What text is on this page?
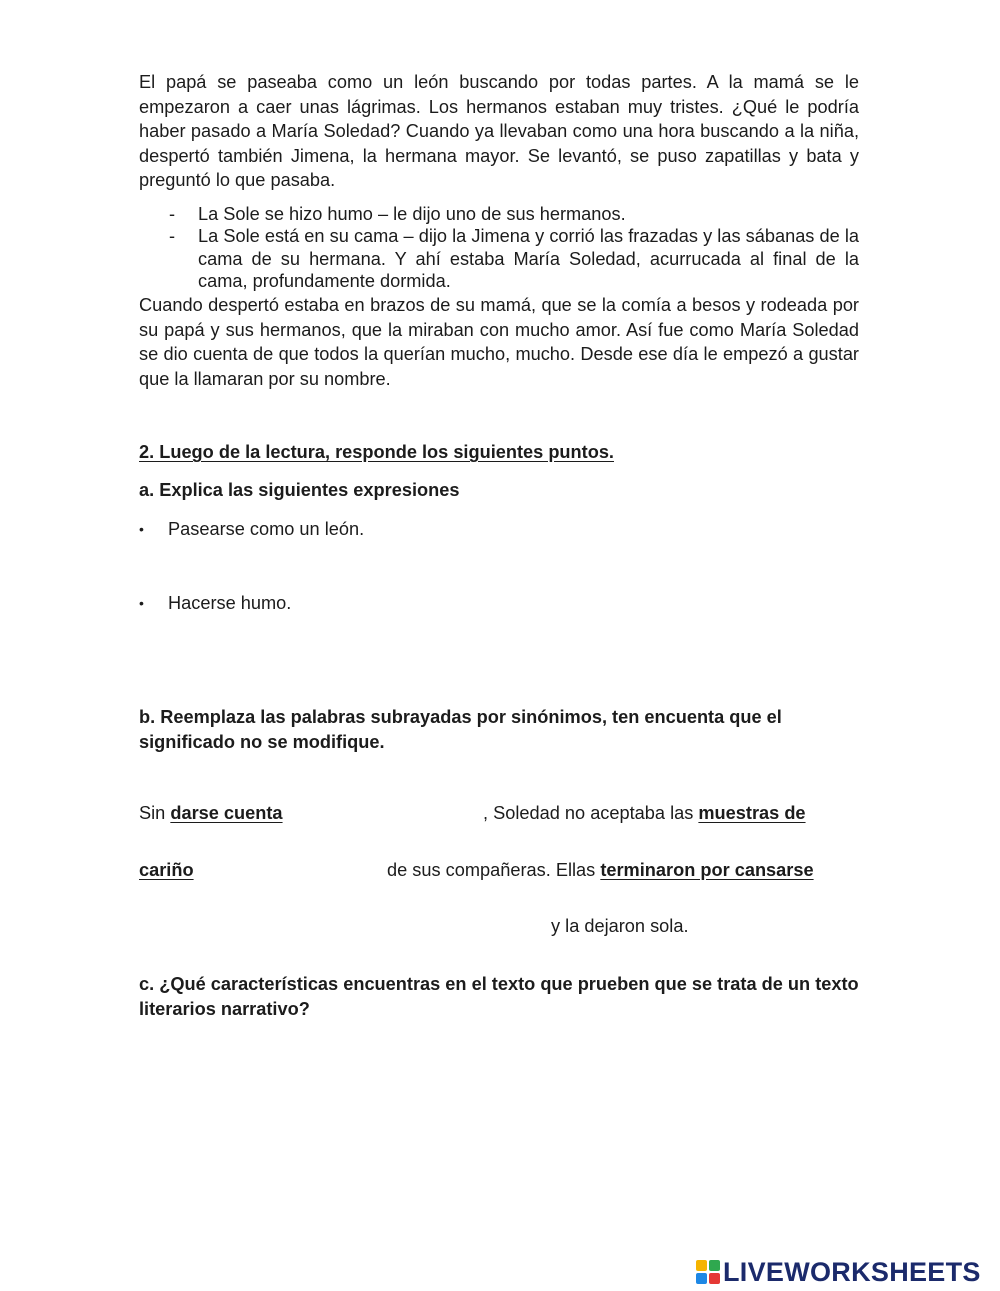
El papá se paseaba como un león buscando por todas partes. A la mamá se le empezaron a caer unas lágrimas. Los hermanos estaban muy tristes. ¿Qué le podría haber pasado a María Soledad? Cuando ya llevaban como una hora buscando a la niña, despertó también Jimena, la hermana mayor. Se levantó, se puso zapatillas y bata y preguntó lo que pasaba.

- La Sole se hizo humo – le dijo uno de sus hermanos.
- La Sole está en su cama – dijo la Jimena y corrió las frazadas y las sábanas de la cama de su hermana. Y ahí estaba María Soledad, acurrucada al final de la cama, profundamente dormida.

Cuando despertó estaba en brazos de su mamá, que se la comía a besos y rodeada por su papá y sus hermanos, que la miraban con mucho amor. Así fue como María Soledad se dio cuenta de que todos la querían mucho, mucho. Desde ese día le empezó a gustar que la llamaran por su nombre.

2. Luego de la lectura, responde los siguientes puntos.

a. Explica las siguientes expresiones

• Pasearse como un león.

• Hacerse humo.

b. Reemplaza las palabras subrayadas por sinónimos, ten encuenta que el significado no se modifique.

Sin darse cuenta	, Soledad no aceptaba las muestras de

cariño	de sus compañeras. Ellas terminaron por cansarse

y la dejaron sola.

c. ¿Qué características encuentras en el texto que prueben que se trata de un texto literarios narrativo?

LIVEWORKSHEETS
